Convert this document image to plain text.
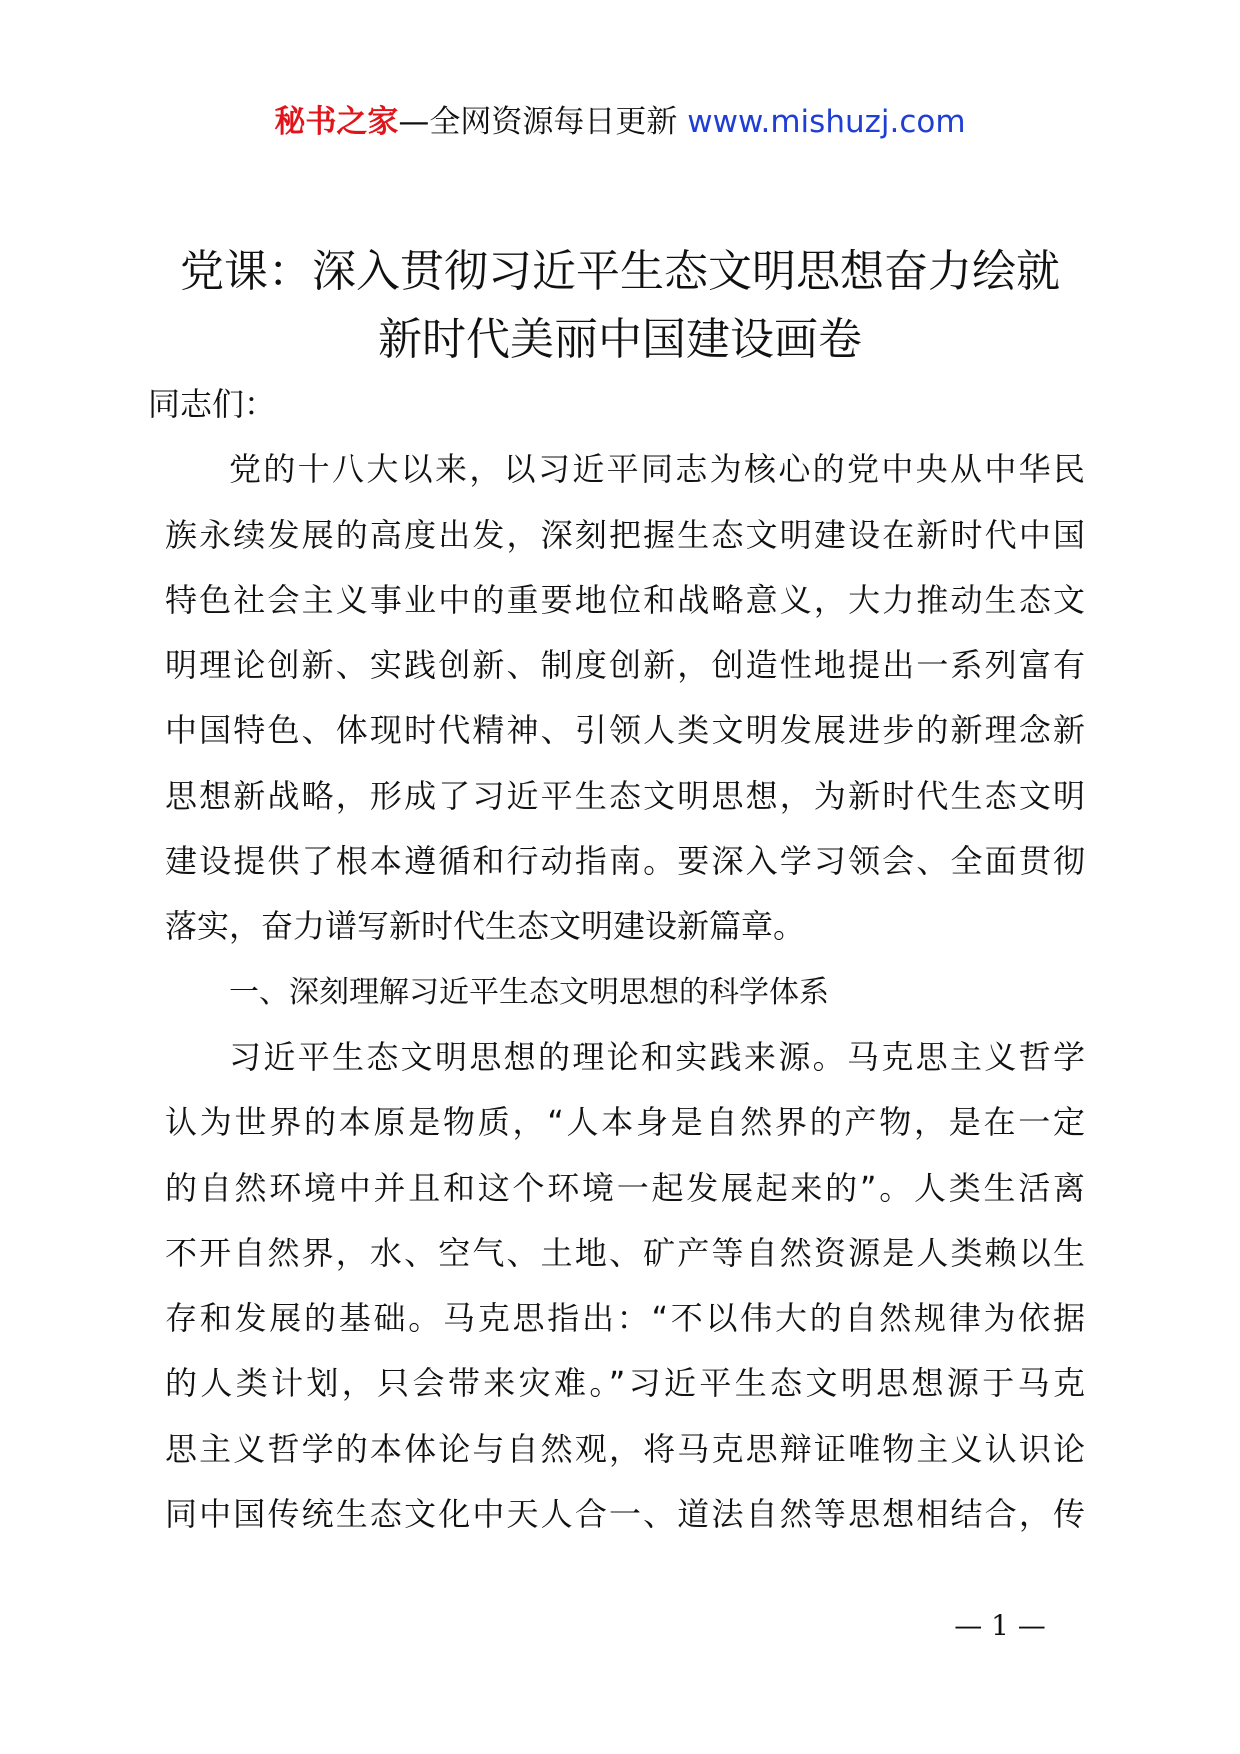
秘书之家—全网资源每日更新 www.mishuzj.com
党课：深入贯彻习近平生态文明思想奋力绘就
新时代美丽中国建设画卷
同志们：
党的十八大以来，以习近平同志为核心的党中央从中华民
族永续发展的高度出发，深刻把握生态文明建设在新时代中国
特色社会主义事业中的重要地位和战略意义，大力推动生态文
明理论创新、实践创新、制度创新，创造性地提出一系列富有
中国特色、体现时代精神、引领人类文明发展进步的新理念新
思想新战略，形成了习近平生态文明思想，为新时代生态文明
建设提供了根本遵循和行动指南。要深入学习领会、全面贯彻
落实，奋力谱写新时代生态文明建设新篇章。
一、深刻理解习近平生态文明思想的科学体系
习近平生态文明思想的理论和实践来源。马克思主义哲学
认为世界的本原是物质，“人本身是自然界的产物，是在一定
的自然环境中并且和这个环境一起发展起来的”。人类生活离
不开自然界，水、空气、土地、矿产等自然资源是人类赖以生
存和发展的基础。马克思指出：“不以伟大的自然规律为依据
的人类计划，只会带来灾难。”习近平生态文明思想源于马克
思主义哲学的本体论与自然观，将马克思辩证唯物主义认识论
同中国传统生态文化中天人合一、道法自然等思想相结合，传
— 1 —
